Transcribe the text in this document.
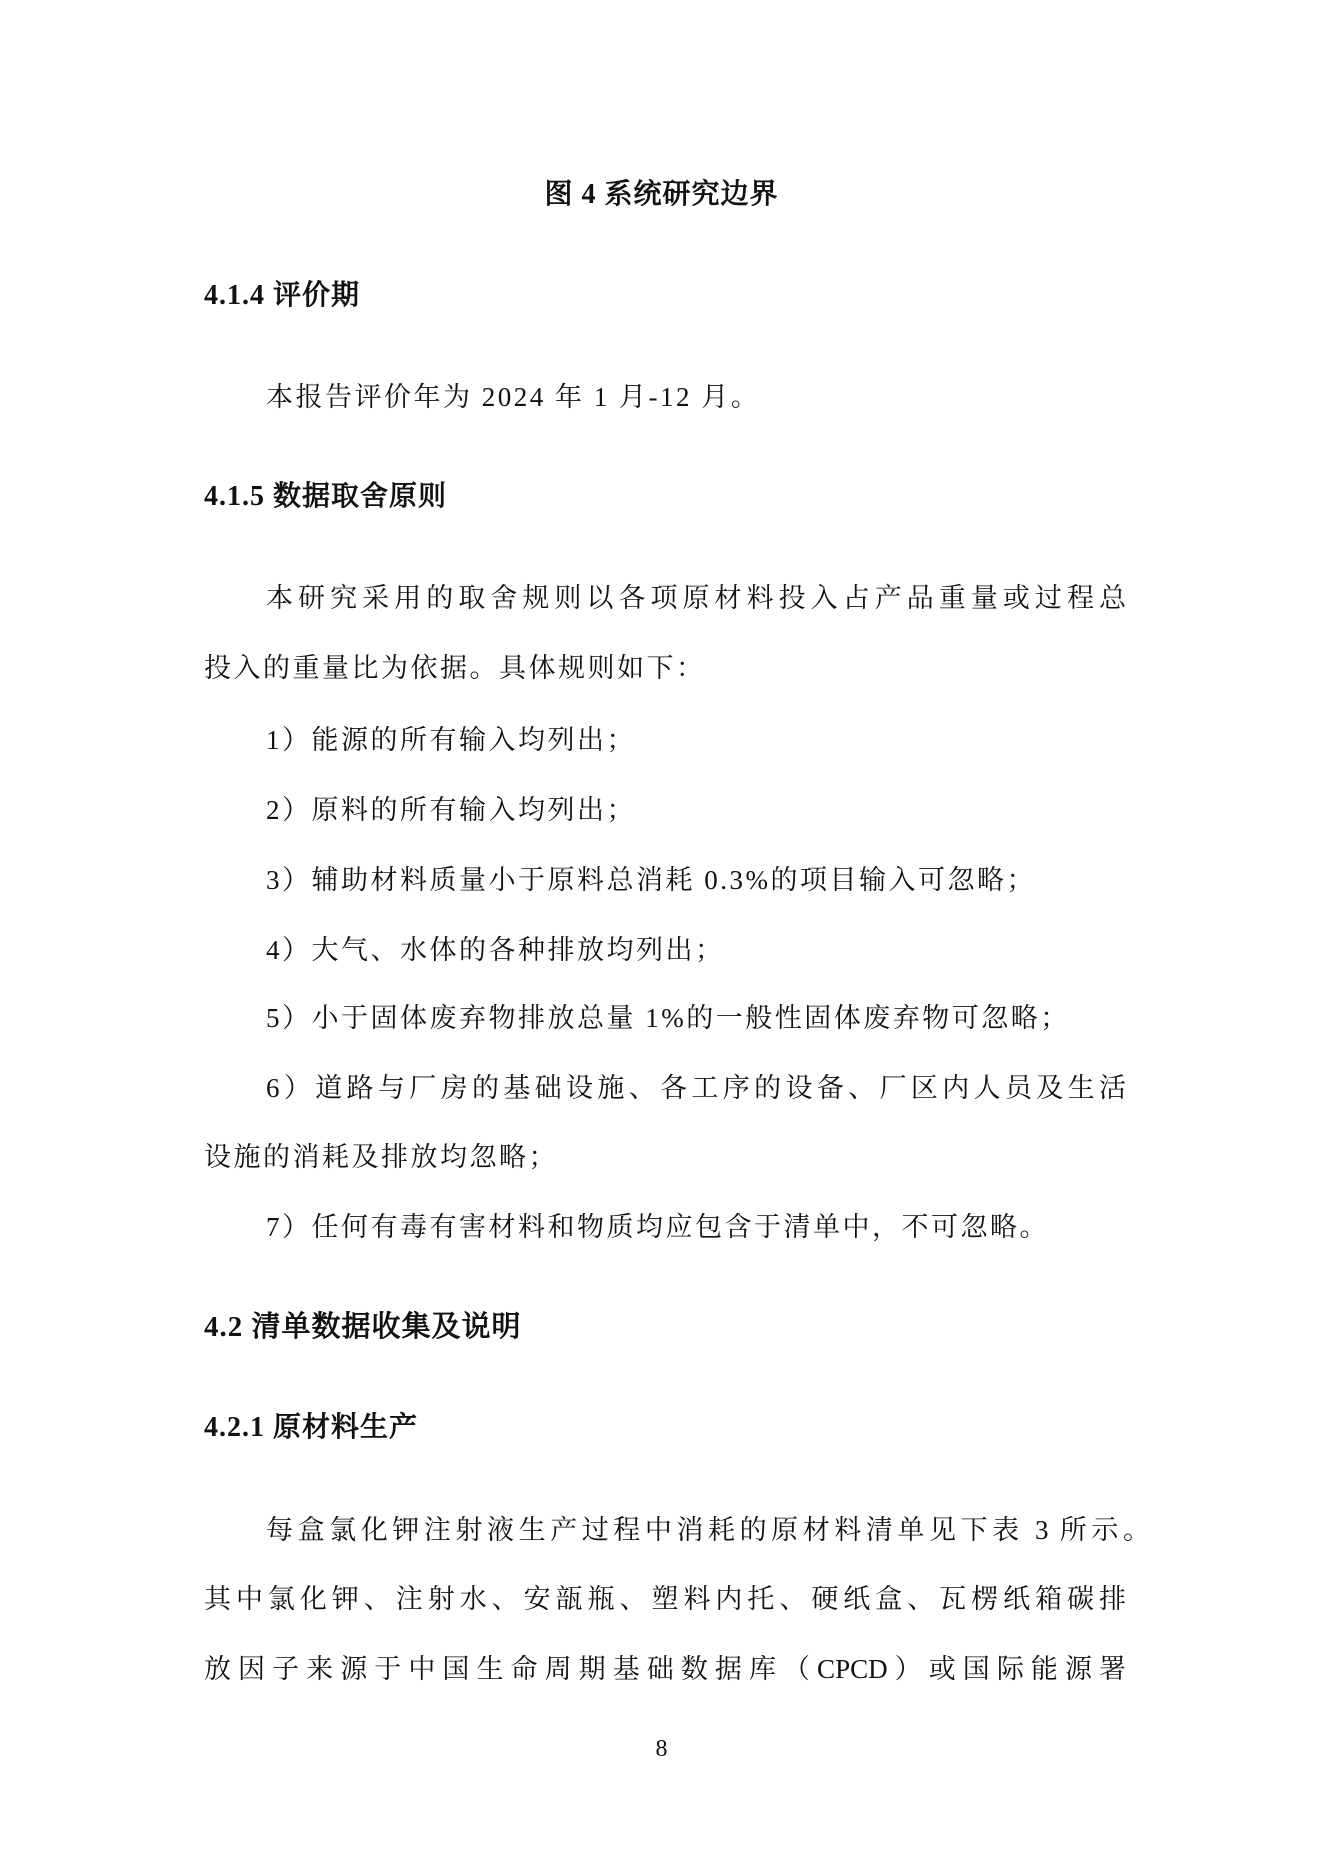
图 4 系统研究边界
4.1.4 评价期
本报告评价年为 2024 年 1 月-12 月。
4.1.5 数据取舍原则
本研究采用的取舍规则以各项原材料投入占产品重量或过程总
投入的重量比为依据。具体规则如下：
1）能源的所有输入均列出；
2）原料的所有输入均列出；
3）辅助材料质量小于原料总消耗 0.3%的项目输入可忽略；
4）大气、水体的各种排放均列出；
5）小于固体废弃物排放总量 1%的一般性固体废弃物可忽略；
6）道路与厂房的基础设施、各工序的设备、厂区内人员及生活
设施的消耗及排放均忽略；
7）任何有毒有害材料和物质均应包含于清单中，不可忽略。
4.2 清单数据收集及说明
4.2.1 原材料生产
每盒氯化钾注射液生产过程中消耗的原材料清单见下表 3 所示。
其中氯化钾、注射水、安瓿瓶、塑料内托、硬纸盒、瓦楞纸箱碳排
放因子来源于中国生命周期基础数据库（CPCD）或国际能源署
8
